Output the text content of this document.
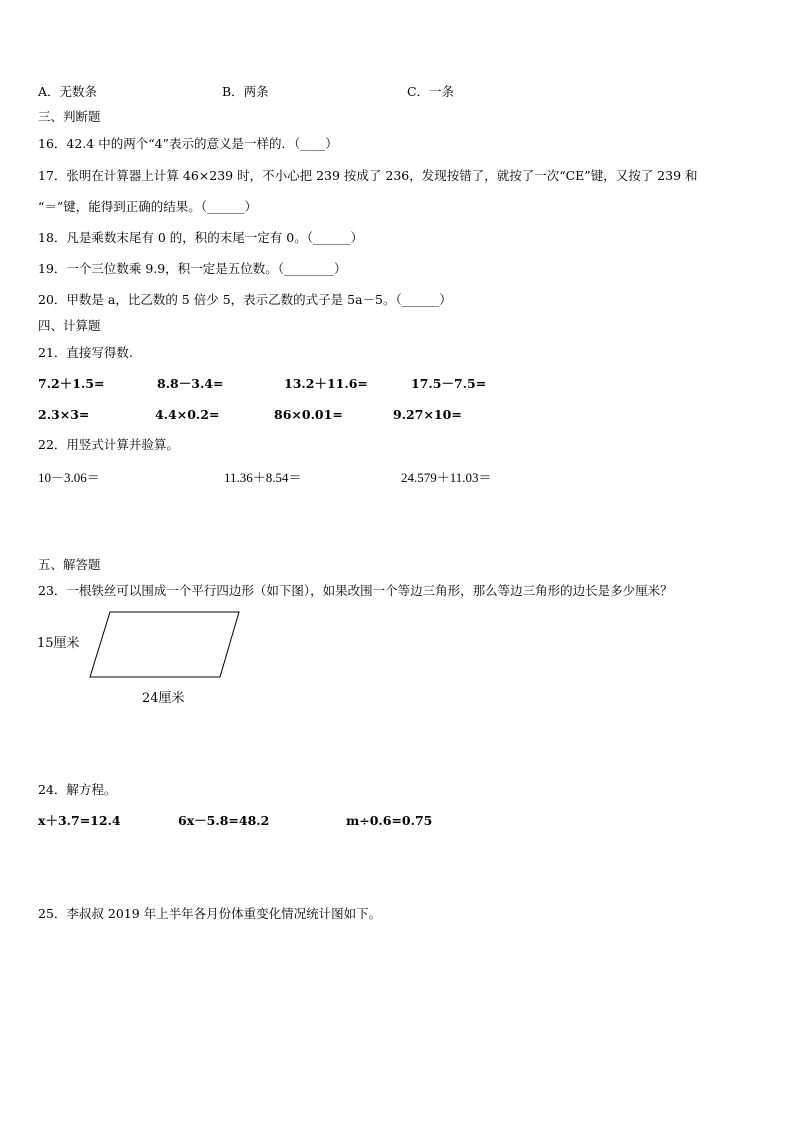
A．无数条	B．两条	C．一条
三、判断题
16．42.4 中的两个“4”表示的意义是一样的．（____）
17．张明在计算器上计算 46×239 时，不小心把 239 按成了 236，发现按错了，就按了一次“CE”键，又按了 239 和
“＝”键，能得到正确的结果。（______）
18．凡是乘数末尾有 0 的，积的末尾一定有 0。（______）
19．一个三位数乘 9.9，积一定是五位数。（________）
20．甲数是 a，比乙数的 5 倍少 5，表示乙数的式子是 5a－5。（______）
四、计算题
21．直接写得数.
7.2＋1.5=	8.8－3.4=	13.2＋11.6=	17.5－7.5=
2.3×3=	4.4×0.2=	86×0.01=	9.27×10=
22．用竖式计算并验算。
10－3.06＝	11.36＋8.54＝	24.579＋11.03＝
五、解答题
23．一根铁丝可以围成一个平行四边形（如下图），如果改围一个等边三角形，那么等边三角形的边长是多少厘米？
15厘米
24厘米
24．解方程。
x＋3.7=12.4	6x－5.8=48.2	m÷0.6=0.75
25．李叔叔 2019 年上半年各月份体重变化情况统计图如下。
